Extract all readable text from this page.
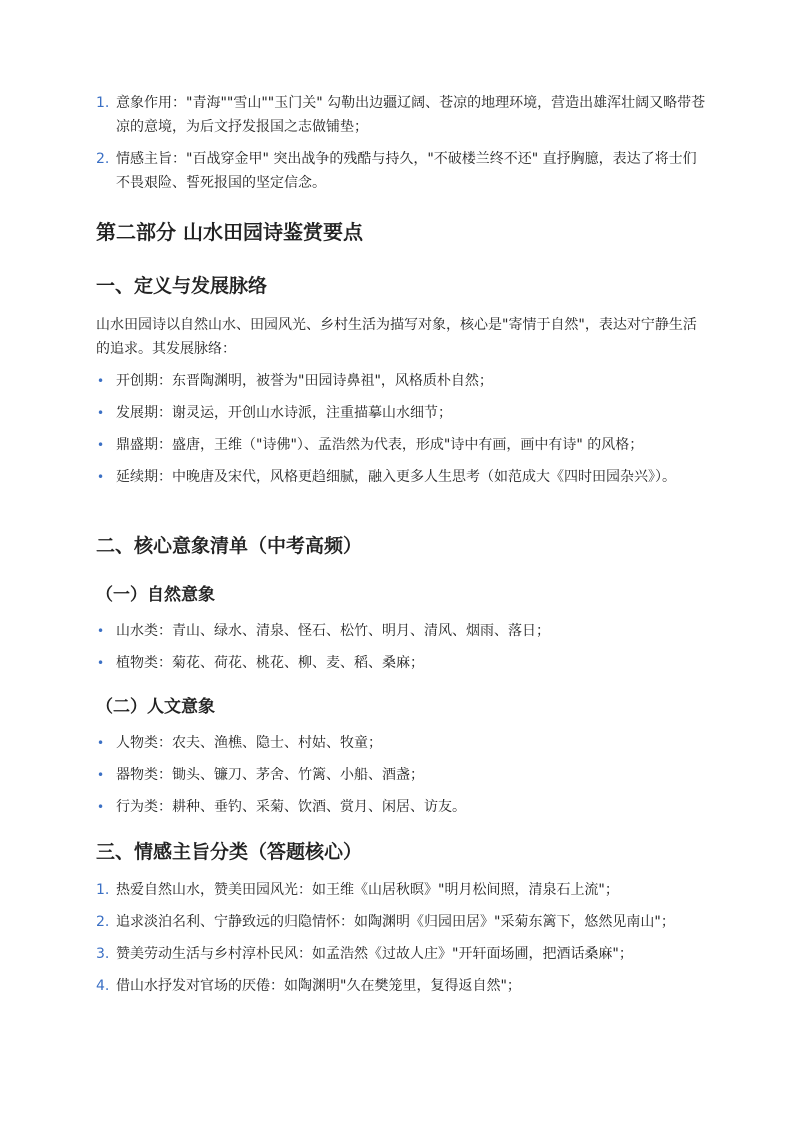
1. 意象作用："青海""雪山""玉门关" 勾勒出边疆辽阔、苍凉的地理环境，营造出雄浑壮阔又略带苍凉的意境，为后文抒发报国之志做铺垫；
2. 情感主旨："百战穿金甲" 突出战争的残酷与持久，"不破楼兰终不还" 直抒胸臆，表达了将士们不畏艰险、誓死报国的坚定信念。
第二部分 山水田园诗鉴赏要点
一、定义与发展脉络

山水田园诗以自然山水、田园风光、乡村生活为描写对象，核心是"寄情于自然"，表达对宁静生活的追求。其发展脉络：

• 开创期：东晋陶渊明，被誉为"田园诗鼻祖"，风格质朴自然；
• 发展期：谢灵运，开创山水诗派，注重描摹山水细节；
• 鼎盛期：盛唐，王维（"诗佛"）、孟浩然为代表，形成"诗中有画，画中有诗" 的风格；
• 延续期：中晚唐及宋代，风格更趋细腻，融入更多人生思考（如范成大《四时田园杂兴》）。
二、核心意象清单（中考高频）
（一）自然意象
• 山水类：青山、绿水、清泉、怪石、松竹、明月、清风、烟雨、落日；
• 植物类：菊花、荷花、桃花、柳、麦、稻、桑麻；
（二）人文意象
• 人物类：农夫、渔樵、隐士、村姑、牧童；
• 器物类：锄头、镰刀、茅舍、竹篱、小船、酒盏；
• 行为类：耕种、垂钓、采菊、饮酒、赏月、闲居、访友。
三、情感主旨分类（答题核心）
1. 热爱自然山水，赞美田园风光：如王维《山居秋暝》"明月松间照，清泉石上流"；
2. 追求淡泊名利、宁静致远的归隐情怀：如陶渊明《归园田居》"采菊东篱下，悠然见南山"；
3. 赞美劳动生活与乡村淳朴民风：如孟浩然《过故人庄》"开轩面场圃，把酒话桑麻"；
4. 借山水抒发对官场的厌倦：如陶渊明"久在樊笼里，复得返自然"；
